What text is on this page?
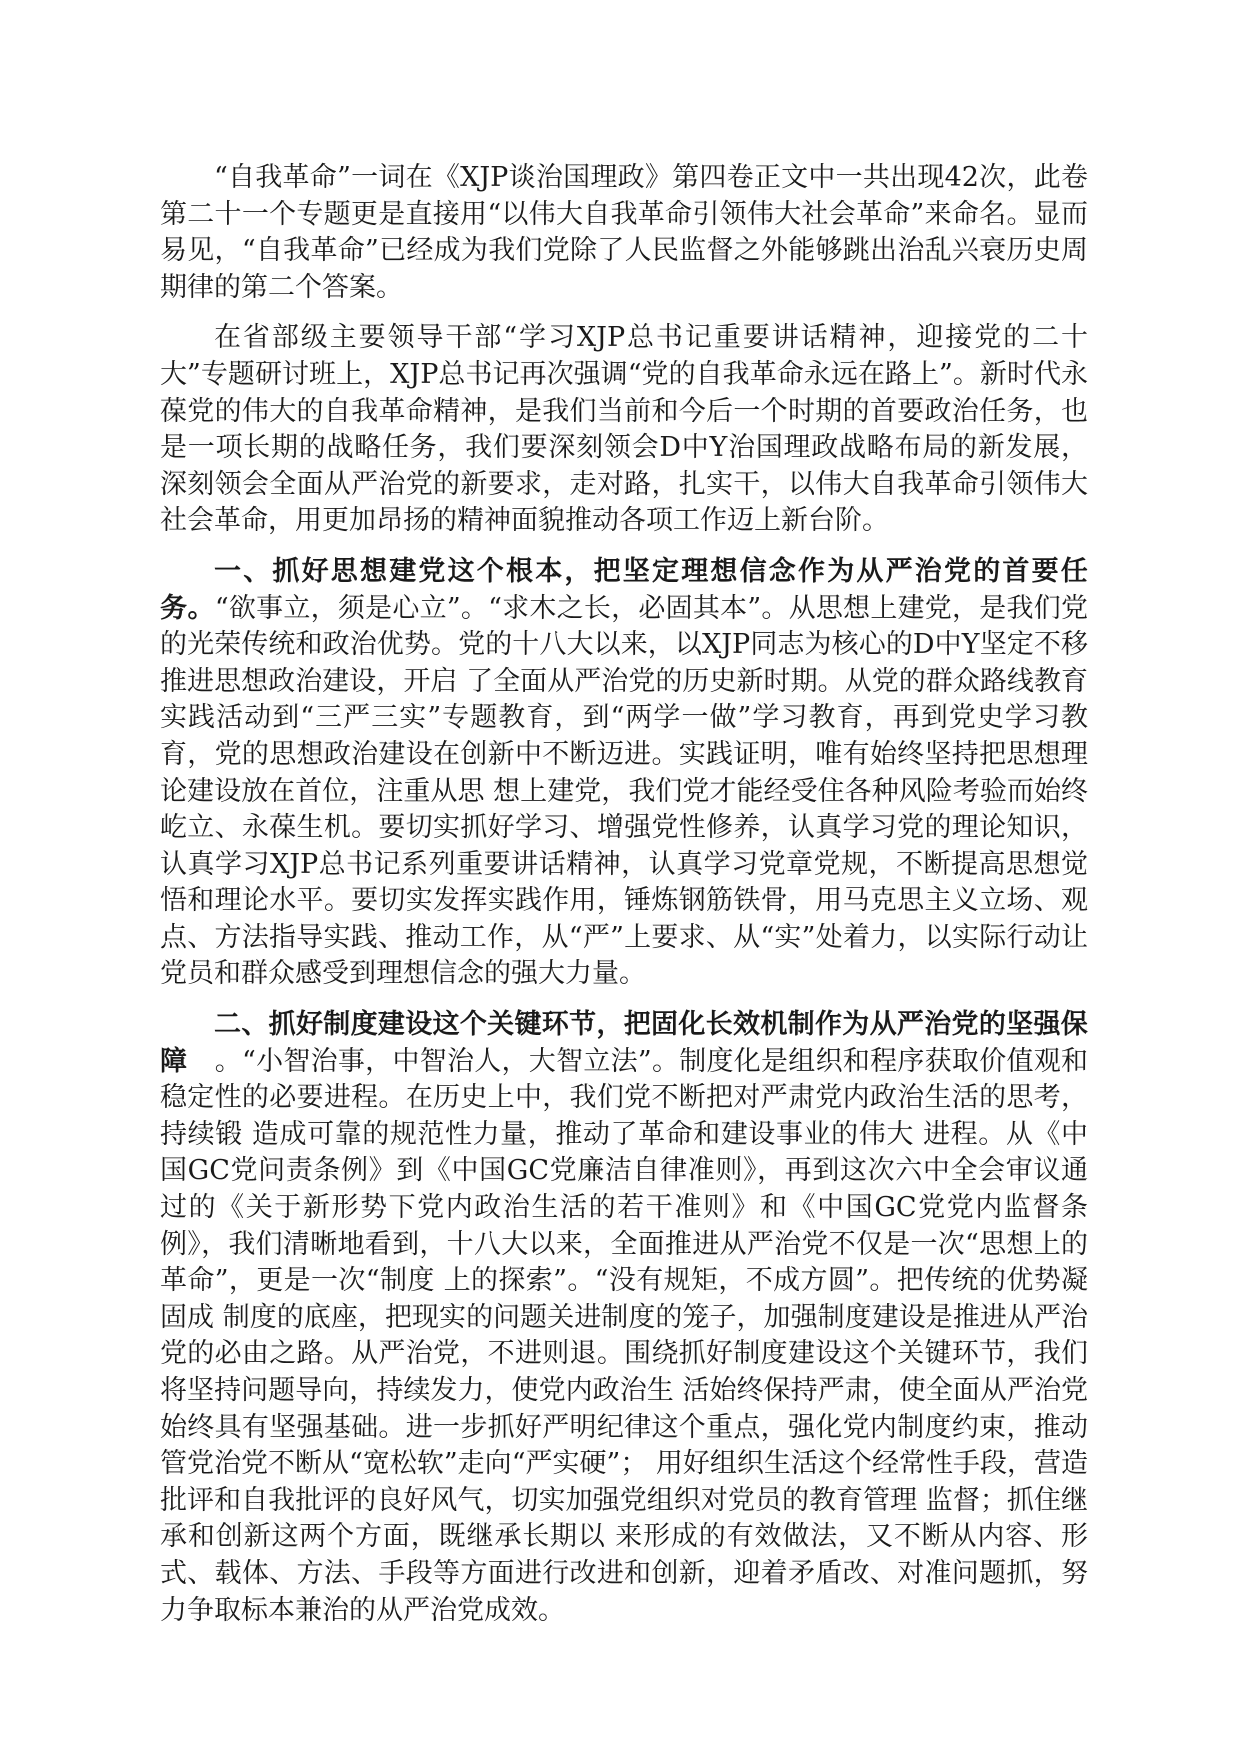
“自我革命”一词在《XJP谈治国理政》第四卷正文中一共出现42次，此卷第二十一个专题更是直接用“以伟大自我革命引领伟大社会革命”来命名。显而易见，“自我革命”已经成为我们党除了人民监督之外能够跳出治乱兴衰历史周期律的第二个答案。

在省部级主要领导干部“学习XJP总书记重要讲话精神，迎接党的二十大”专题研讨班上，XJP总书记再次强调“党的自我革命永远在路上”。新时代永葆党的伟大的自我革命精神，是我们当前和今后一个时期的首要政治任务，也是一项长期的战略任务，我们要深刻领会D中Y治国理政战略布局的新发展，深刻领会全面从严治党的新要求，走对路，扎实干，以伟大自我革命引领伟大社会革命，用更加昂扬的精神面貌推动各项工作迈上新台阶。

一、抓好思想建党这个根本，把坚定理想信念作为从严治党的首要任务。“欲事立，须是心立”。“求木之长，必固其本”。从思想上建党，是我们党的光荣传统和政治优势。党的十八大以来，以XJP同志为核心的D中Y坚定不移推进思想政治建设，开启 了全面从严治党的历史新时期。从党的群众路线教育实践活动到“三严三实”专题教育，到“两学一做”学习教育，再到党史学习教育，党的思想政治建设在创新中不断迈进。实践证明，唯有始终坚持把思想理论建设放在首位，注重从思 想上建党，我们党才能经受住各种风险考验而始终屹立、永葆生机。要切实抓好学习、增强党性修养，认真学习党的理论知识，认真学习XJP总书记系列重要讲话精神，认真学习党章党规，不断提高思想觉悟和理论水平。要切实发挥实践作用，锤炼钢筋铁骨，用马克思主义立场、观点、方法指导实践、推动工作，从“严”上要求、从“实”处着力，以实际行动让党员和群众感受到理想信念的强大力量。

二、抓好制度建设这个关键环节，把固化长效机制作为从严治党的坚强保障　。“小智治事，中智治人，大智立法”。制度化是组织和程序获取价值观和稳定性的必要进程。在历史上中，我们党不断把对严肃党内政治生活的思考，持续锻 造成可靠的规范性力量，推动了革命和建设事业的伟大 进程。从《中国GC党问责条例》到《中国GC党廉洁自律准则》，再到这次六中全会审议通过的《关于新形势下党内政治生活的若干准则》和《中国GC党党内监督条例》，我们清晰地看到，十八大以来，全面推进从严治党不仅是一次“思想上的革命”，更是一次“制度 上的探索”。“没有规矩，不成方圆”。把传统的优势凝固成 制度的底座，把现实的问题关进制度的笼子，加强制度建设是推进从严治党的必由之路。从严治党，不进则退。围绕抓好制度建设这个关键环节，我们将坚持问题导向，持续发力，使党内政治生 活始终保持严肃，使全面从严治党始终具有坚强基础。进一步抓好严明纪律这个重点，强化党内制度约束，推动管党治党不断从“宽松软”走向“严实硬”； 用好组织生活这个经常性手段，营造批评和自我批评的良好风气，切实加强党组织对党员的教育管理 监督；抓住继承和创新这两个方面，既继承长期以 来形成的有效做法，又不断从内容、形式、载体、方法、手段等方面进行改进和创新，迎着矛盾改、对准问题抓，努力争取标本兼治的从严治党成效。
